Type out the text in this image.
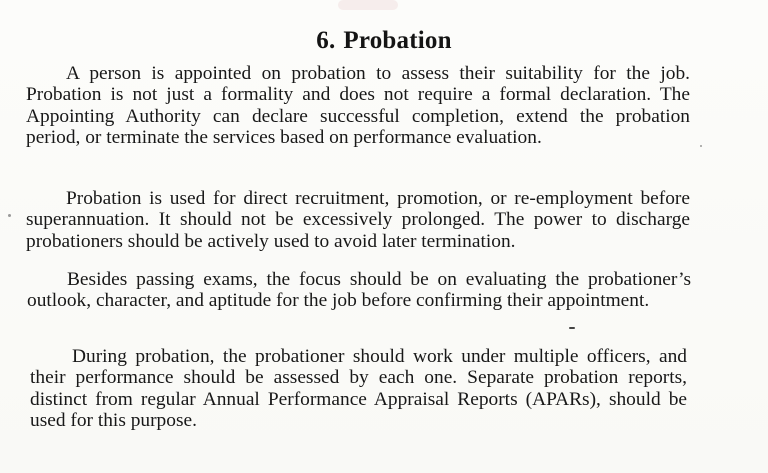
6. Probation

A person is appointed on probation to assess their suitability for the job. Probation is not just a formality and does not require a formal declaration. The Appointing Authority can declare successful completion, extend the probation period, or terminate the services based on performance evaluation.

Probation is used for direct recruitment, promotion, or re-employment before superannuation. It should not be excessively prolonged. The power to discharge probationers should be actively used to avoid later termination.

Besides passing exams, the focus should be on evaluating the probationer’s outlook, character, and aptitude for the job before confirming their appointment.

During probation, the probationer should work under multiple officers, and their performance should be assessed by each one. Separate probation reports, distinct from regular Annual Performance Appraisal Reports (APARs), should be used for this purpose.
